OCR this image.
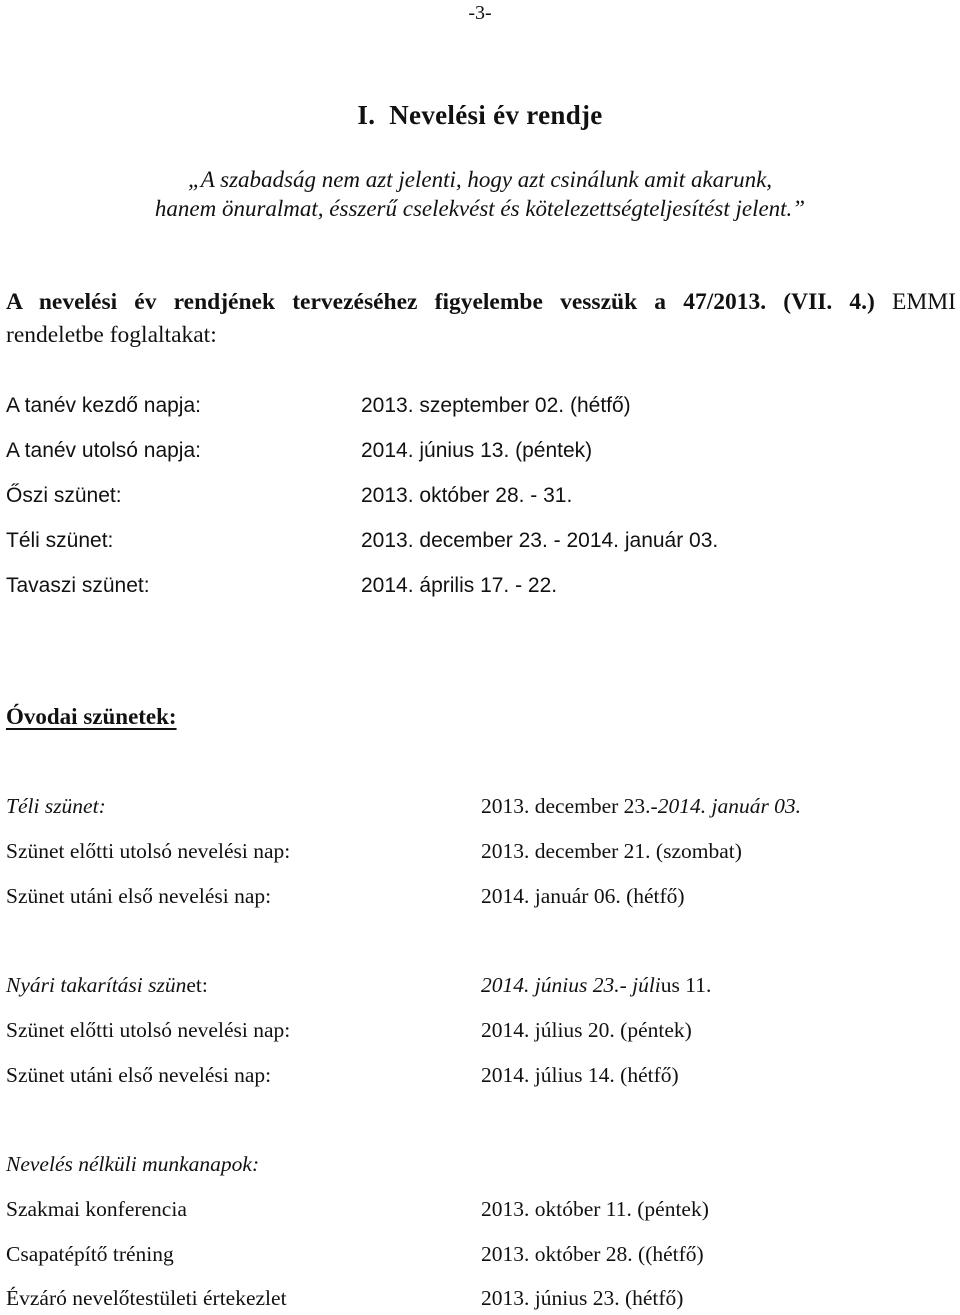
-3-
I. Nevelési év rendje
„A szabadság nem azt jelenti, hogy azt csinálunk amit akarunk,
hanem önuralmat, ésszerű cselekvést és kötelezettségteljesítést jelent.”
A nevelési év rendjének tervezéséhez figyelembe vesszük a 47/2013. (VII. 4.) EMMI
rendeletbe foglaltakat:
A tanév kezdő napja:	2013. szeptember 02. (hétfő)
A tanév utolsó napja:	2014. június 13. (péntek)
Őszi szünet:	2013. október 28. - 31.
Téli szünet:	2013. december 23. - 2014. január 03.
Tavaszi szünet:	2014. április 17. - 22.
Óvodai szünetek:
Téli szünet:	2013. december 23.-2014. január 03.
Szünet előtti utolsó nevelési nap:	2013. december 21. (szombat)
Szünet utáni első nevelési nap:	2014. január 06. (hétfő)
Nyári takarítási szünet:	2014. június 23.- július 11.
Szünet előtti utolsó nevelési nap:	2014. július 20. (péntek)
Szünet utáni első nevelési nap:	2014. július 14. (hétfő)
Nevelés nélküli munkanapok:
Szakmai konferencia	2013. október 11. (péntek)
Csapatépítő tréning	2013. október 28. ((hétfő)
Évzáró nevelőtestületi értekezlet	2013. június 23. (hétfő)
